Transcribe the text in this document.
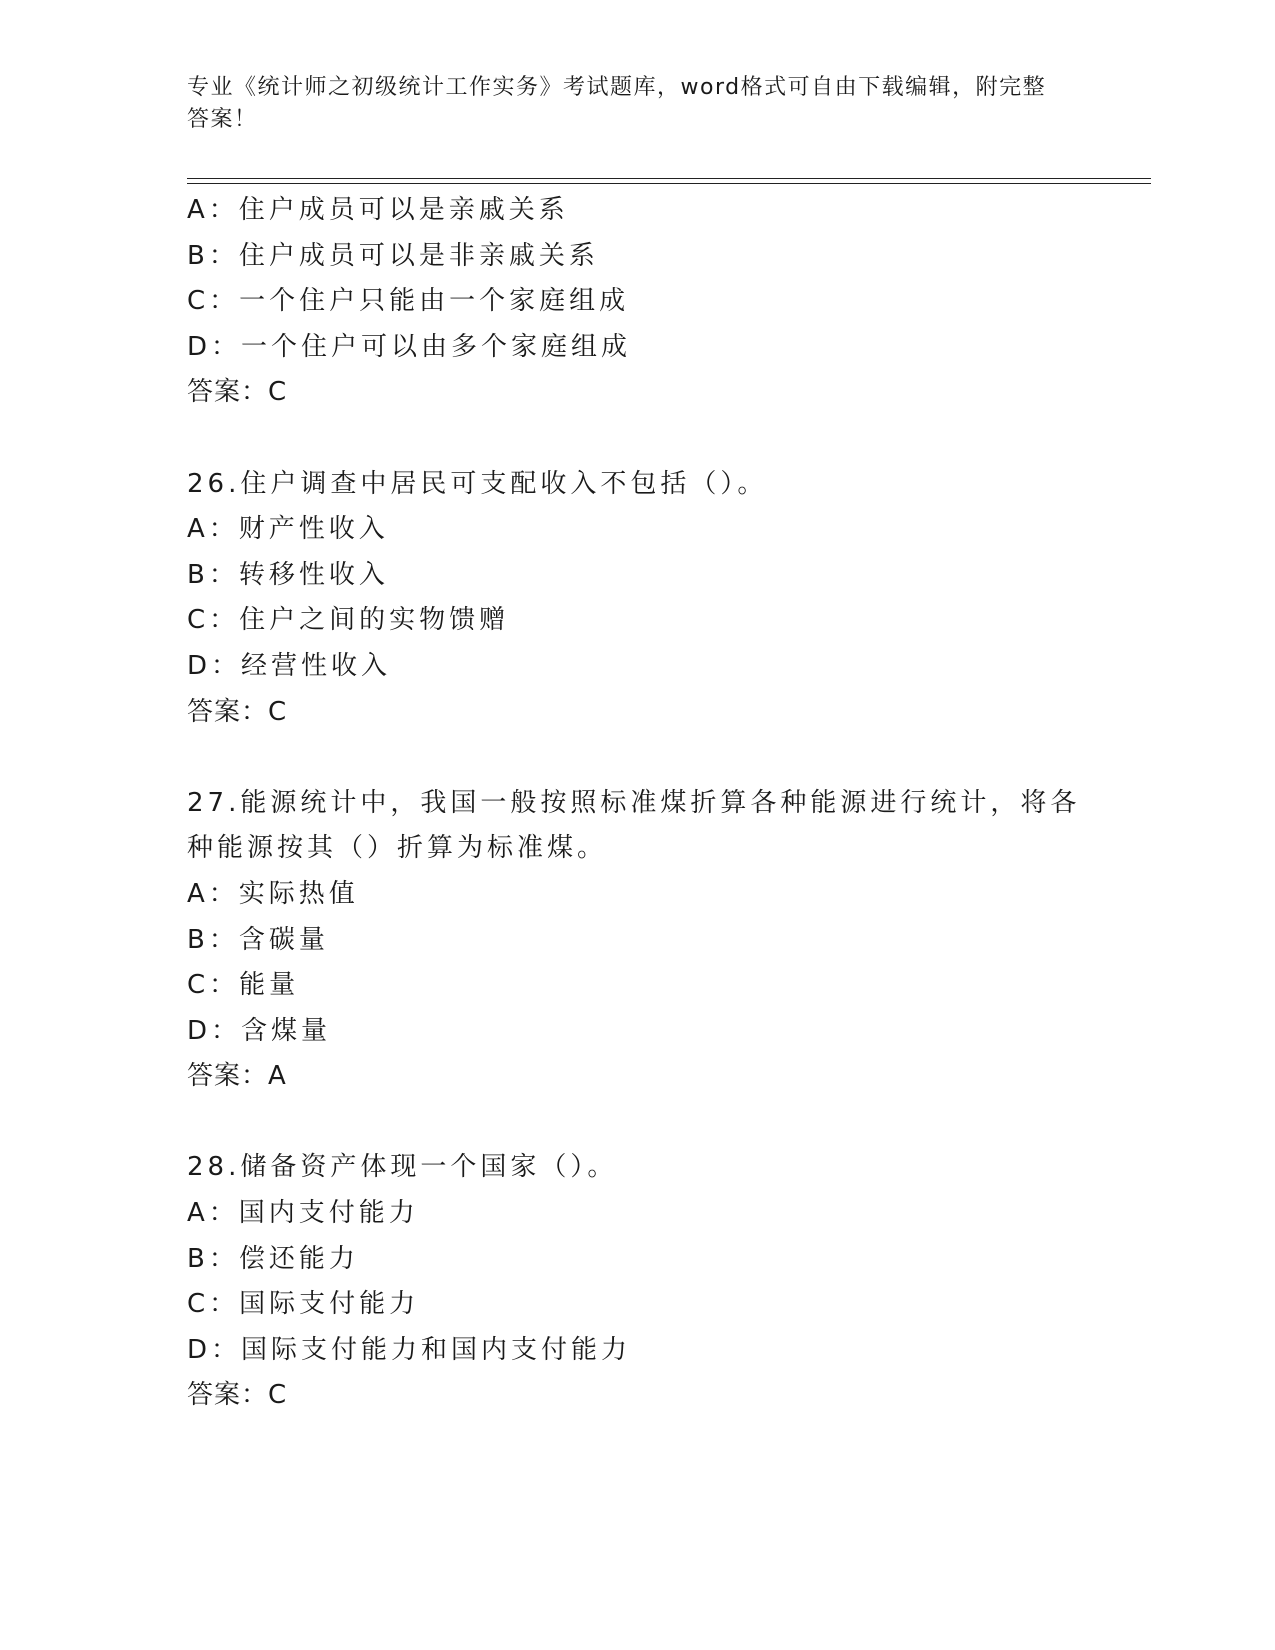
专业《统计师之初级统计工作实务》考试题库，word格式可自由下载编辑，附完整答案！
A：住户成员可以是亲戚关系
B：住户成员可以是非亲戚关系
C：一个住户只能由一个家庭组成
D：一个住户可以由多个家庭组成
答案：C
26.住户调查中居民可支配收入不包括（）。
A：财产性收入
B：转移性收入
C：住户之间的实物馈赠
D：经营性收入
答案：C
27.能源统计中，我国一般按照标准煤折算各种能源进行统计，将各种能源按其（）折算为标准煤。
A：实际热值
B：含碳量
C：能量
D：含煤量
答案：A
28.储备资产体现一个国家（）。
A：国内支付能力
B：偿还能力
C：国际支付能力
D：国际支付能力和国内支付能力
答案：C
